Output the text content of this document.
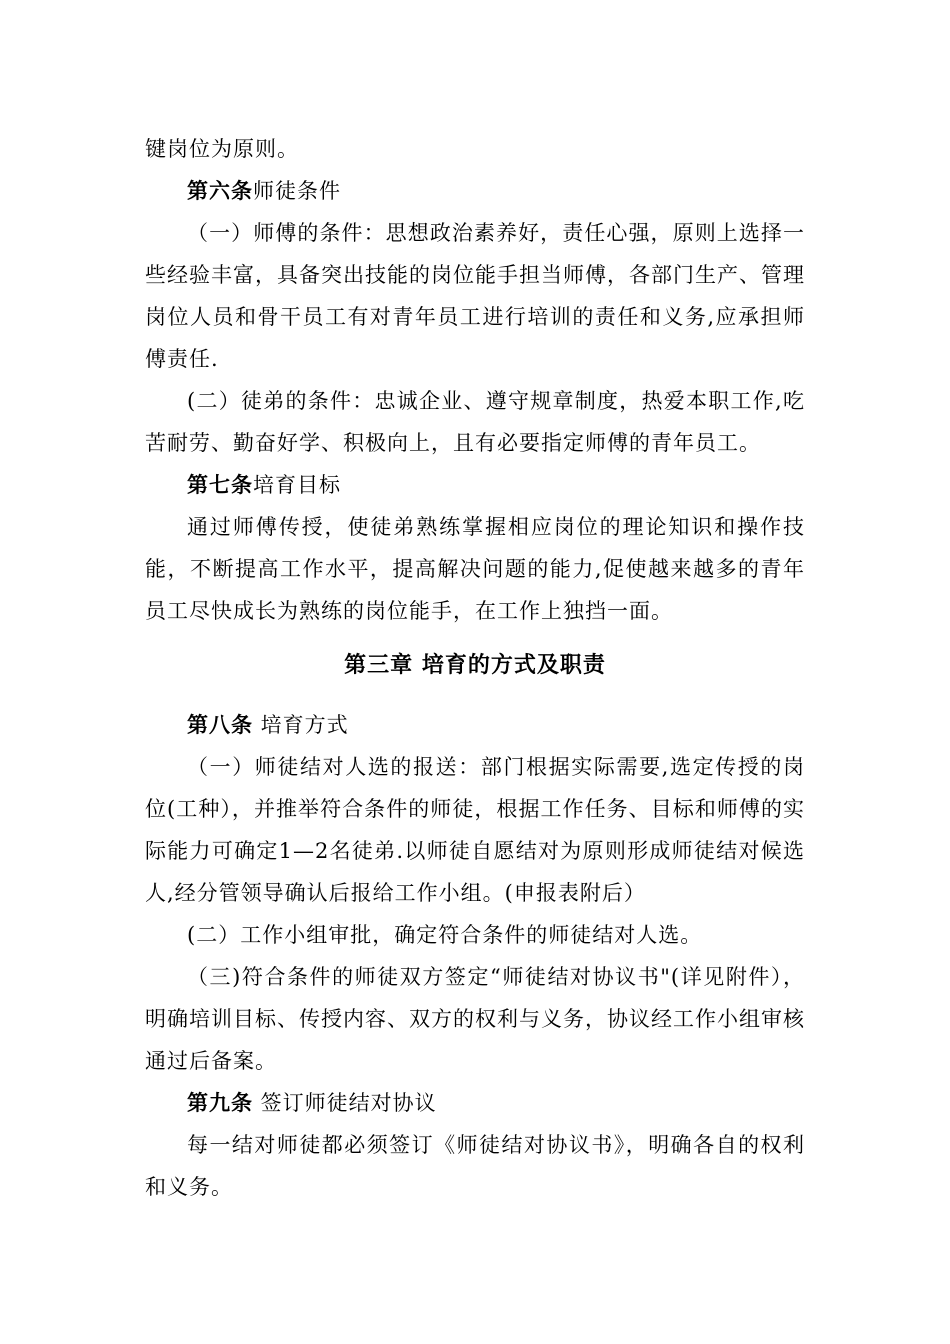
键岗位为原则。

第六条师徒条件

（一）师傅的条件：思想政治素养好，责任心强，原则上选择一些经验丰富，具备突出技能的岗位能手担当师傅，各部门生产、管理岗位人员和骨干员工有对青年员工进行培训的责任和义务,应承担师傅责任.

(二）徒弟的条件：忠诚企业、遵守规章制度，热爱本职工作,吃苦耐劳、勤奋好学、积极向上，且有必要指定师傅的青年员工。

第七条培育目标

通过师傅传授，使徒弟熟练掌握相应岗位的理论知识和操作技能，不断提高工作水平，提高解决问题的能力,促使越来越多的青年员工尽快成长为熟练的岗位能手，在工作上独挡一面。

第三章 培育的方式及职责

第八条 培育方式

（一）师徒结对人选的报送：部门根据实际需要,选定传授的岗位(工种），并推举符合条件的师徒，根据工作任务、目标和师傅的实际能力可确定1—2名徒弟.以师徒自愿结对为原则形成师徒结对候选人,经分管领导确认后报给工作小组。(申报表附后）

(二）工作小组审批，确定符合条件的师徒结对人选。

（三)符合条件的师徒双方签定“师徒结对协议书"(详见附件），明确培训目标、传授内容、双方的权利与义务，协议经工作小组审核通过后备案。

第九条 签订师徒结对协议

每一结对师徒都必须签订《师徒结对协议书》，明确各自的权利和义务。
